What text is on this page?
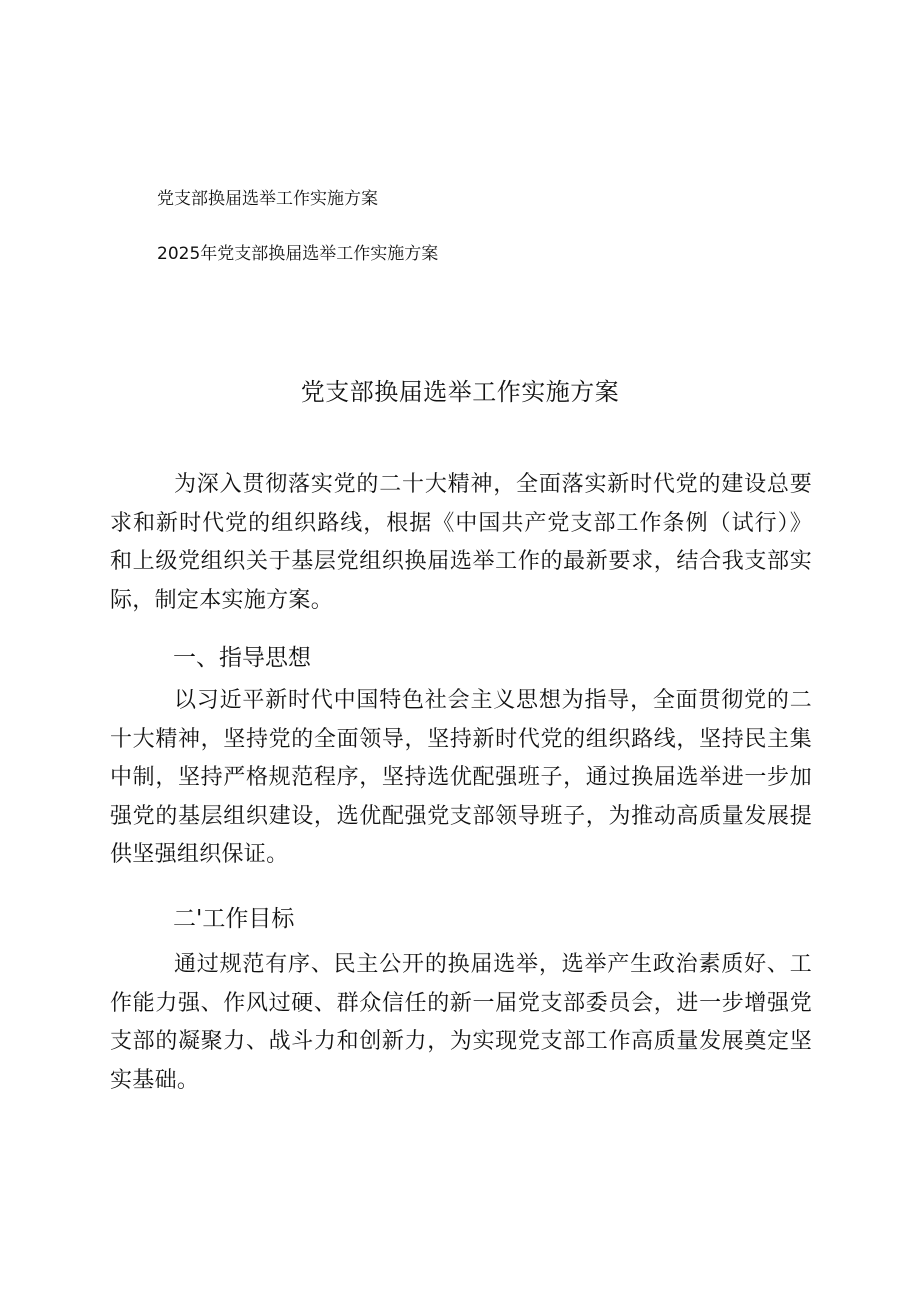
党支部换届选举工作实施方案
2025年党支部换届选举工作实施方案
党支部换届选举工作实施方案
为深入贯彻落实党的二十大精神，全面落实新时代党的建设总要求和新时代党的组织路线，根据《中国共产党支部工作条例（试行）》和上级党组织关于基层党组织换届选举工作的最新要求，结合我支部实际，制定本实施方案。
一、指导思想
以习近平新时代中国特色社会主义思想为指导，全面贯彻党的二十大精神，坚持党的全面领导，坚持新时代党的组织路线，坚持民主集中制，坚持严格规范程序，坚持选优配强班子，通过换届选举进一步加强党的基层组织建设，选优配强党支部领导班子，为推动高质量发展提供坚强组织保证。
二'工作目标
通过规范有序、民主公开的换届选举，选举产生政治素质好、工作能力强、作风过硬、群众信任的新一届党支部委员会，进一步增强党支部的凝聚力、战斗力和创新力，为实现党支部工作高质量发展奠定坚实基础。
